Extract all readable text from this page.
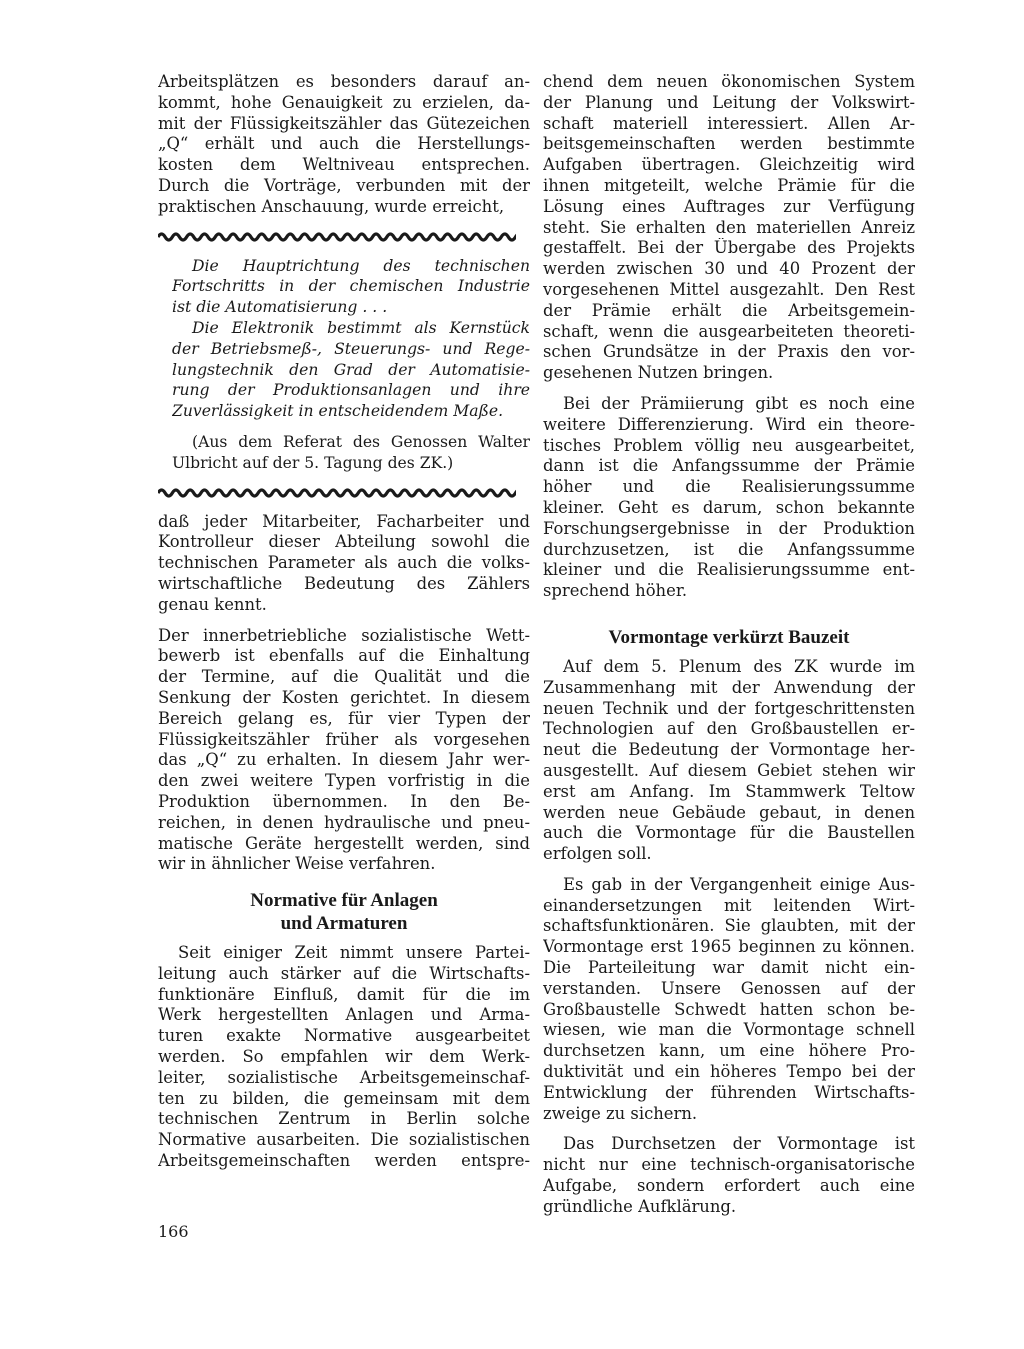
Arbeitsplätzen es besonders darauf an-
kommt, hohe Genauigkeit zu erzielen, da-
mit der Flüssigkeitszähler das Gütezeichen
„Q“ erhält und auch die Herstellungs-
kosten dem Weltniveau entsprechen.
Durch die Vorträge, verbunden mit der
praktischen Anschauung, wurde erreicht,
Die Hauptrichtung des technischen
Fortschritts in der chemischen Industrie
ist die Automatisierung . . .
Die Elektronik bestimmt als Kernstück
der Betriebsmeß-, Steuerungs- und Rege-
lungstechnik den Grad der Automatisie-
rung der Produktionsanlagen und ihre
Zuverlässigkeit in entscheidendem Maße.
(Aus dem Referat des Genossen Walter
Ulbricht auf der 5. Tagung des ZK.)
daß jeder Mitarbeiter, Facharbeiter und
Kontrolleur dieser Abteilung sowohl die
technischen Parameter als auch die volks-
wirtschaftliche Bedeutung des Zählers
genau kennt.
Der innerbetriebliche sozialistische Wett-
bewerb ist ebenfalls auf die Einhaltung
der Termine, auf die Qualität und die
Senkung der Kosten gerichtet. In diesem
Bereich gelang es, für vier Typen der
Flüssigkeitszähler früher als vorgesehen
das „Q“ zu erhalten. In diesem Jahr wer-
den zwei weitere Typen vorfristig in die
Produktion übernommen. In den Be-
reichen, in denen hydraulische und pneu-
matische Geräte hergestellt werden, sind
wir in ähnlicher Weise verfahren.
Normative für Anlagen
und Armaturen
Seit einiger Zeit nimmt unsere Partei-
leitung auch stärker auf die Wirtschafts-
funktionäre Einfluß, damit für die im
Werk hergestellten Anlagen und Arma-
turen exakte Normative ausgearbeitet
werden. So empfahlen wir dem Werk-
leiter, sozialistische Arbeitsgemeinschaf-
ten zu bilden, die gemeinsam mit dem
technischen Zentrum in Berlin solche
Normative ausarbeiten. Die sozialistischen
Arbeitsgemeinschaften werden entspre-
chend dem neuen ökonomischen System
der Planung und Leitung der Volkswirt-
schaft materiell interessiert. Allen Ar-
beitsgemeinschaften werden bestimmte
Aufgaben übertragen. Gleichzeitig wird
ihnen mitgeteilt, welche Prämie für die
Lösung eines Auftrages zur Verfügung
steht. Sie erhalten den materiellen Anreiz
gestaffelt. Bei der Übergabe des Projekts
werden zwischen 30 und 40 Prozent der
vorgesehenen Mittel ausgezahlt. Den Rest
der Prämie erhält die Arbeitsgemein-
schaft, wenn die ausgearbeiteten theoreti-
schen Grundsätze in der Praxis den vor-
gesehenen Nutzen bringen.
Bei der Prämiierung gibt es noch eine
weitere Differenzierung. Wird ein theore-
tisches Problem völlig neu ausgearbeitet,
dann ist die Anfangssumme der Prämie
höher und die Realisierungssumme
kleiner. Geht es darum, schon bekannte
Forschungsergebnisse in der Produktion
durchzusetzen, ist die Anfangssumme
kleiner und die Realisierungssumme ent-
sprechend höher.
Vormontage verkürzt Bauzeit
Auf dem 5. Plenum des ZK wurde im
Zusammenhang mit der Anwendung der
neuen Technik und der fortgeschrittensten
Technologien auf den Großbaustellen er-
neut die Bedeutung der Vormontage her-
ausgestellt. Auf diesem Gebiet stehen wir
erst am Anfang. Im Stammwerk Teltow
werden neue Gebäude gebaut, in denen
auch die Vormontage für die Baustellen
erfolgen soll.
Es gab in der Vergangenheit einige Aus-
einandersetzungen mit leitenden Wirt-
schaftsfunktionären. Sie glaubten, mit der
Vormontage erst 1965 beginnen zu können.
Die Parteileitung war damit nicht ein-
verstanden. Unsere Genossen auf der
Großbaustelle Schwedt hatten schon be-
wiesen, wie man die Vormontage schnell
durchsetzen kann, um eine höhere Pro-
duktivität und ein höheres Tempo bei der
Entwicklung der führenden Wirtschafts-
zweige zu sichern.
Das Durchsetzen der Vormontage ist
nicht nur eine technisch-organisatorische
Aufgabe, sondern erfordert auch eine
gründliche Aufklärung.
166
